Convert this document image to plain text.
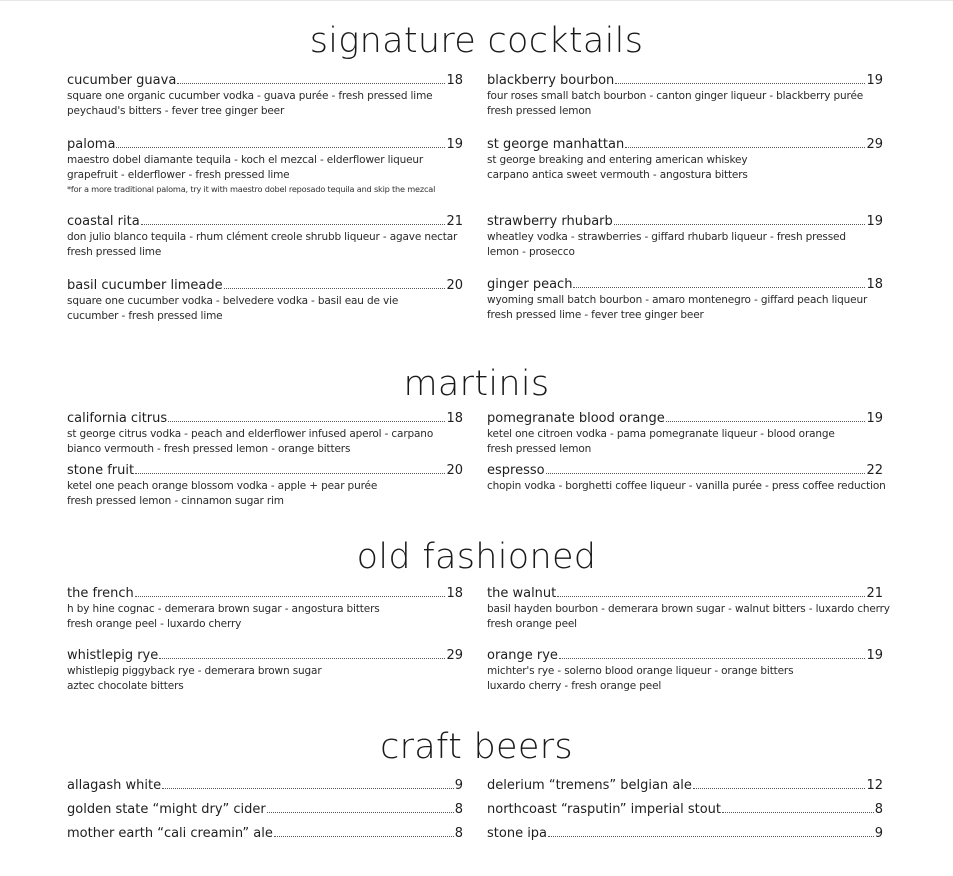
signature cocktails
cucumber guava	18
square one organic cucumber vodka - guava purée - fresh pressed lime
peychaud's bitters - fever tree ginger beer
paloma	19
maestro dobel diamante tequila - koch el mezcal - elderflower liqueur
grapefruit - elderflower - fresh pressed lime
*for a more traditional paloma, try it with maestro dobel reposado tequila and skip the mezcal
coastal rita	21
don julio blanco tequila - rhum clément creole shrubb liqueur - agave nectar
fresh pressed lime
basil cucumber limeade	20
square one cucumber vodka - belvedere vodka - basil eau de vie
cucumber - fresh pressed lime
blackberry bourbon	19
four roses small batch bourbon - canton ginger liqueur - blackberry purée
fresh pressed lemon
st george manhattan	29
st george breaking and entering american whiskey
carpano antica sweet vermouth - angostura bitters
strawberry rhubarb	19
wheatley vodka - strawberries - giffard rhubarb liqueur - fresh pressed
lemon - prosecco
ginger peach	18
wyoming small batch bourbon - amaro montenegro - giffard peach liqueur
fresh pressed lime - fever tree ginger beer
martinis
california citrus	18
st george citrus vodka - peach and elderflower infused aperol - carpano
bianco vermouth - fresh pressed lemon - orange bitters
stone fruit	20
ketel one peach orange blossom vodka - apple + pear purée
fresh pressed lemon - cinnamon sugar rim
pomegranate blood orange	19
ketel one citroen vodka - pama pomegranate liqueur - blood orange
fresh pressed lemon
espresso	22
chopin vodka - borghetti coffee liqueur - vanilla purée - press coffee reduction
old fashioned
the french	18
h by hine cognac - demerara brown sugar - angostura bitters
fresh orange peel - luxardo cherry
whistlepig rye	29
whistlepig piggyback rye - demerara brown sugar
aztec chocolate bitters
the walnut	21
basil hayden bourbon - demerara brown sugar - walnut bitters - luxardo cherry
fresh orange peel
orange rye	19
michter's rye - solerno blood orange liqueur - orange bitters
luxardo cherry - fresh orange peel
craft beers
allagash white	9
golden state “might dry” cider	8
mother earth “cali creamin” ale	8
delerium “tremens” belgian ale	12
northcoast “rasputin” imperial stout	8
stone ipa	9
